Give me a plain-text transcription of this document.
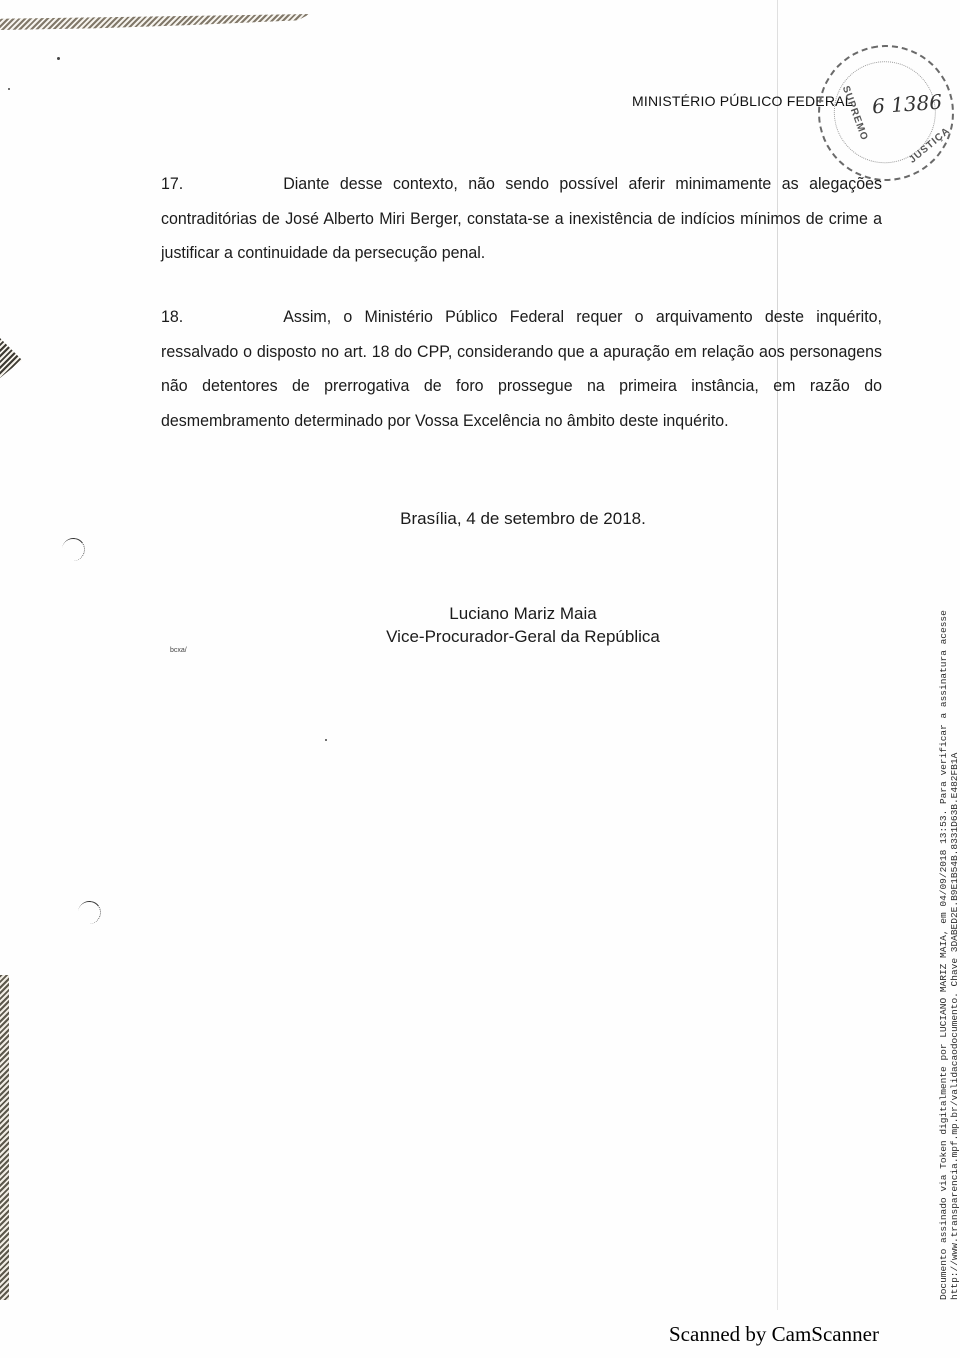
MINISTÉRIO PÚBLICO FEDERAL
SUPREMO
JUSTIÇA
6 1386
17.	Diante desse contexto, não sendo possível aferir minimamente as alegações contraditórias de José Alberto Miri Berger, constata-se a inexistência de indícios mínimos de crime a justificar a continuidade da persecução penal.
18.	Assim, o Ministério Público Federal requer o arquivamento deste inquérito, ressalvado o disposto no art. 18 do CPP, considerando que a apuração em relação aos personagens não detentores de prerrogativa de foro prossegue na primeira instância, em razão do desmembramento determinado por Vossa Excelência no âmbito deste inquérito.
Brasília, 4 de setembro de 2018.
Luciano Mariz Maia
Vice-Procurador-Geral da República
bcxa/	Documento assinado via Token digitalmente por LUCIANO MARIZ MAIA, em 04/09/2018 13:53. Para verificar a assinatura acesse http://www.transparencia.mpf.mp.br/validacaodocumento. Chave 3DABED2E.B9E1B54B.8331D63B.E482FB1A
Scanned by CamScanner
